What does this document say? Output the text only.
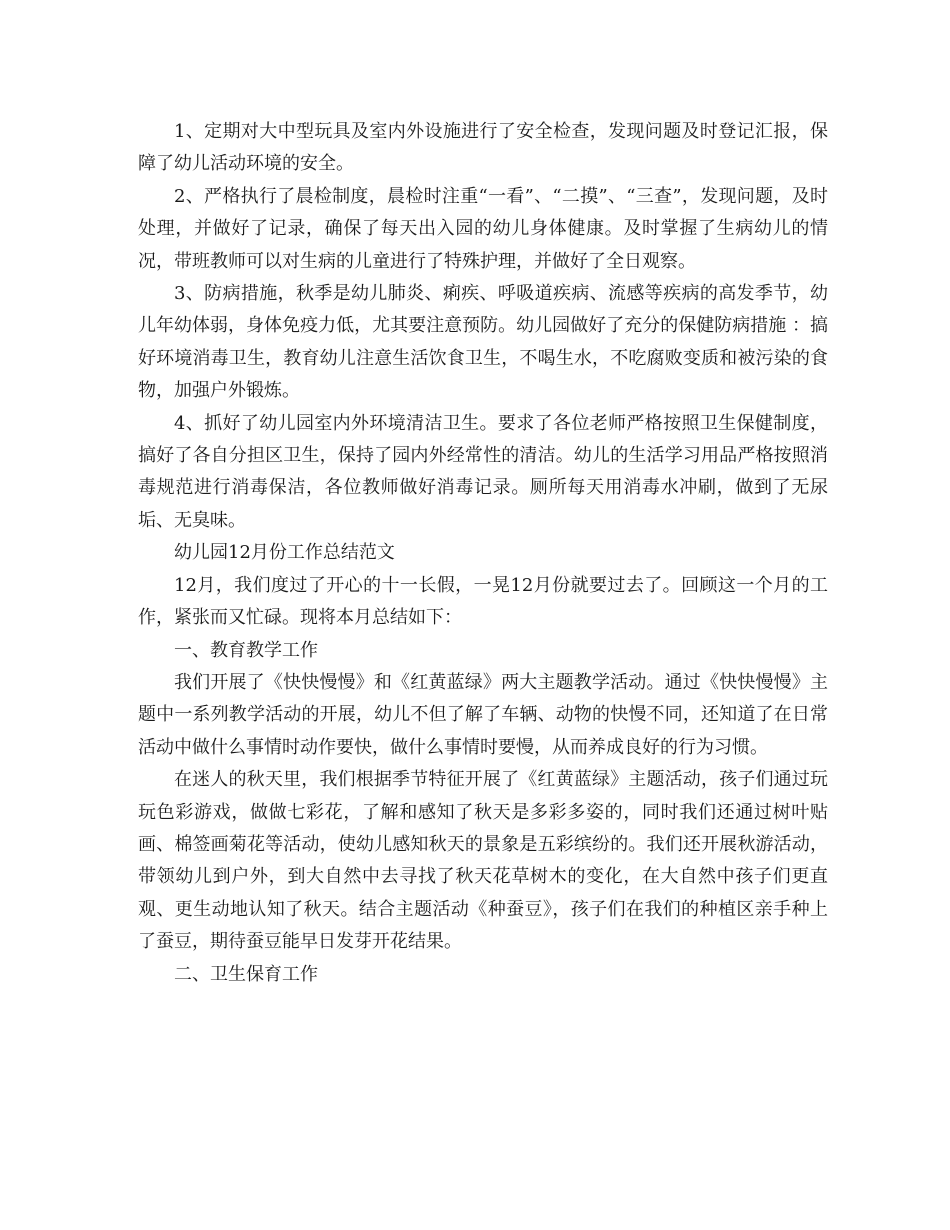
1、定期对大中型玩具及室内外设施进行了安全检查，发现问题及时登记汇报，保障了幼儿活动环境的安全。

2、严格执行了晨检制度，晨检时注重“一看”、“二摸”、“三查”，发现问题，及时处理，并做好了记录，确保了每天出入园的幼儿身体健康。及时掌握了生病幼儿的情况，带班教师可以对生病的儿童进行了特殊护理，并做好了全日观察。

3、防病措施，秋季是幼儿肺炎、痢疾、呼吸道疾病、流感等疾病的高发季节，幼儿年幼体弱，身体免疫力低，尤其要注意预防。幼儿园做好了充分的保健防病措施 ：搞好环境消毒卫生，教育幼儿注意生活饮食卫生，不喝生水，不吃腐败变质和被污染的食物，加强户外锻炼。

4、抓好了幼儿园室内外环境清洁卫生。要求了各位老师严格按照卫生保健制度，搞好了各自分担区卫生，保持了园内外经常性的清洁。幼儿的生活学习用品严格按照消毒规范进行消毒保洁，各位教师做好消毒记录。厕所每天用消毒水冲刷，做到了无尿垢、无臭味。

幼儿园12月份工作总结范文

12月，我们度过了开心的十一长假，一晃12月份就要过去了。回顾这一个月的工作，紧张而又忙碌。现将本月总结如下：

一、教育教学工作

我们开展了《快快慢慢》和《红黄蓝绿》两大主题教学活动。通过《快快慢慢》主题中一系列教学活动的开展，幼儿不但了解了车辆、动物的快慢不同，还知道了在日常活动中做什么事情时动作要快，做什么事情时要慢，从而养成良好的行为习惯。

在迷人的秋天里，我们根据季节特征开展了《红黄蓝绿》主题活动，孩子们通过玩玩色彩游戏，做做七彩花，了解和感知了秋天是多彩多姿的，同时我们还通过树叶贴画、棉签画菊花等活动，使幼儿感知秋天的景象是五彩缤纷的。我们还开展秋游活动，带领幼儿到户外，到大自然中去寻找了秋天花草树木的变化，在大自然中孩子们更直观、更生动地认知了秋天。结合主题活动《种蚕豆》，孩子们在我们的种植区亲手种上了蚕豆，期待蚕豆能早日发芽开花结果。

二、卫生保育工作
